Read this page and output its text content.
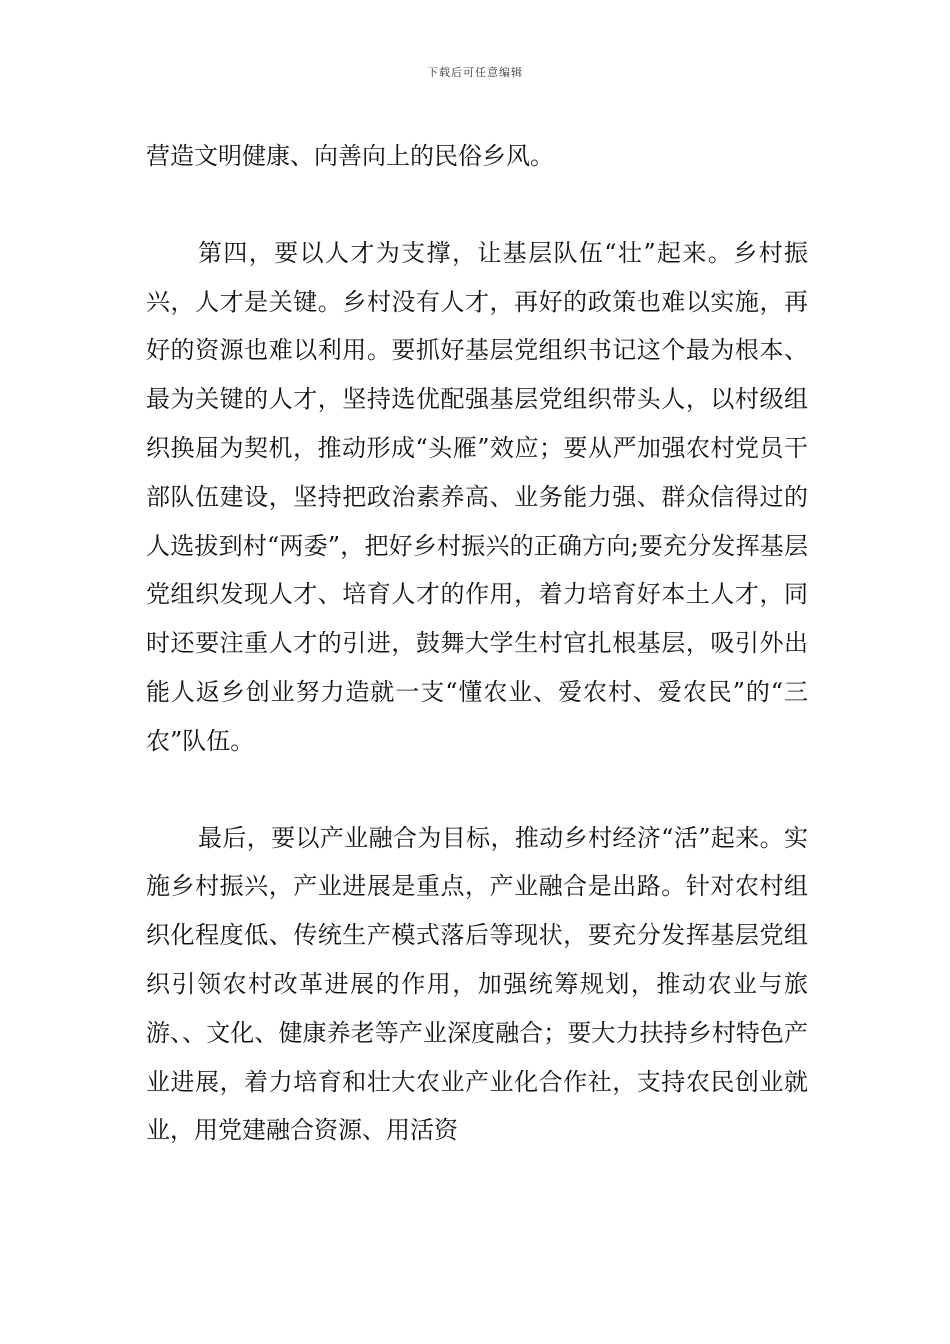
下载后可任意编辑

营造文明健康、向善向上的民俗乡风。

第四，要以人才为支撑，让基层队伍“壮”起来。乡村振兴，人才是关键。乡村没有人才，再好的政策也难以实施，再好的资源也难以利用。要抓好基层党组织书记这个最为根本、最为关键的人才，坚持选优配强基层党组织带头人，以村级组织换届为契机，推动形成“头雁”效应；要从严加强农村党员干部队伍建设，坚持把政治素养高、业务能力强、群众信得过的人选拔到村“两委”，把好乡村振兴的正确方向;要充分发挥基层党组织发现人才、培育人才的作用，着力培育好本土人才，同时还要注重人才的引进，鼓舞大学生村官扎根基层，吸引外出能人返乡创业努力造就一支“懂农业、爱农村、爱农民”的“三农”队伍。

最后，要以产业融合为目标，推动乡村经济“活”起来。实施乡村振兴，产业进展是重点，产业融合是出路。针对农村组织化程度低、传统生产模式落后等现状，要充分发挥基层党组织引领农村改革进展的作用，加强统筹规划，推动农业与旅游、、文化、健康养老等产业深度融合；要大力扶持乡村特色产业进展，着力培育和壮大农业产业化合作社，支持农民创业就业，用党建融合资源、用活资
